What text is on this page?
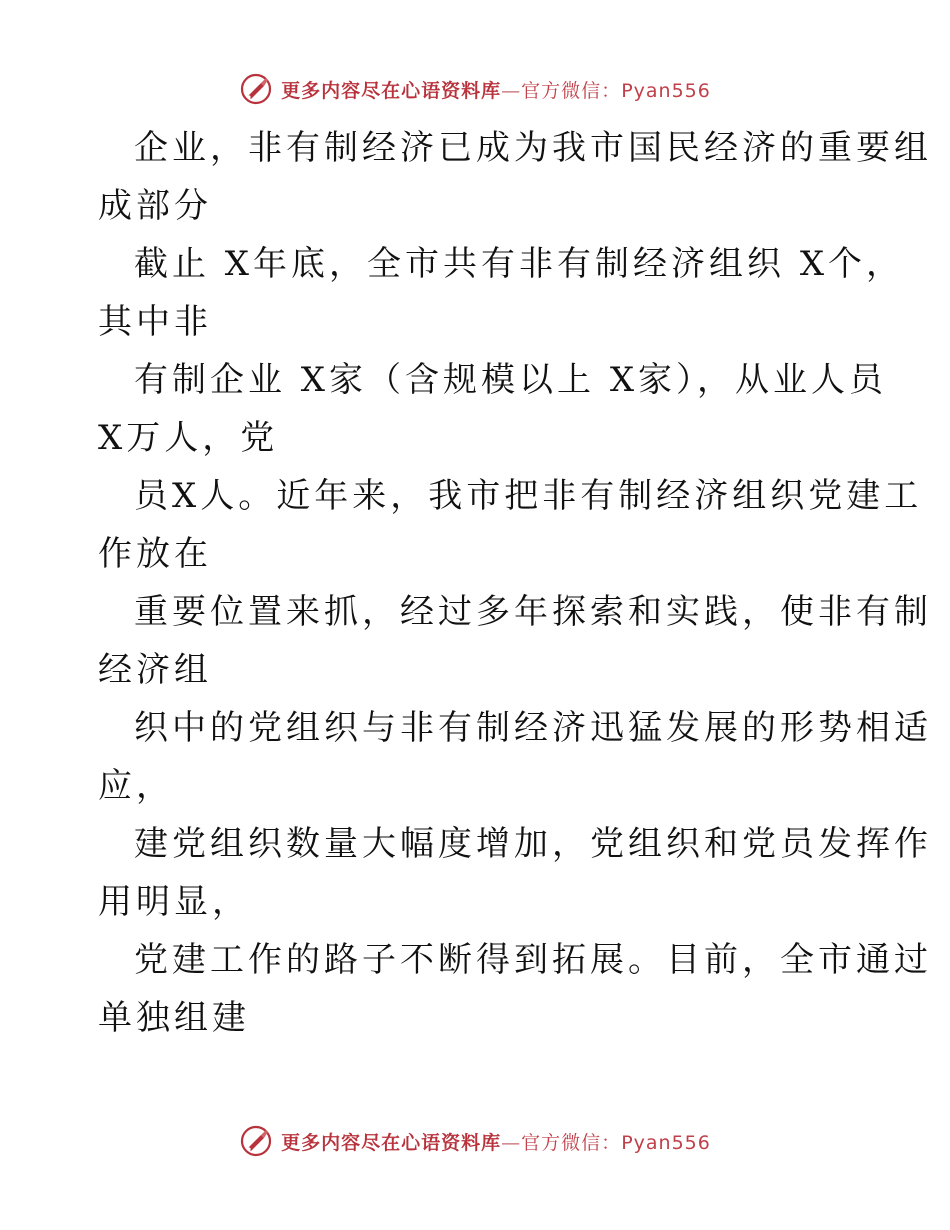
更多内容尽在心语资料库—官方微信：Pyan556
企业，非有制经济已成为我市国民经济的重要组
成部分
截止 X年底，全市共有非有制经济组织 X个，
其中非
有制企业 X家（含规模以上 X家），从业人员
X万人，党
员X人。近年来，我市把非有制经济组织党建工
作放在
重要位置来抓，经过多年探索和实践，使非有制
经济组
织中的党组织与非有制经济迅猛发展的形势相适
应，
建党组织数量大幅度增加，党组织和党员发挥作
用明显，
党建工作的路子不断得到拓展。目前，全市通过
单独组建
更多内容尽在心语资料库—官方微信：Pyan556
